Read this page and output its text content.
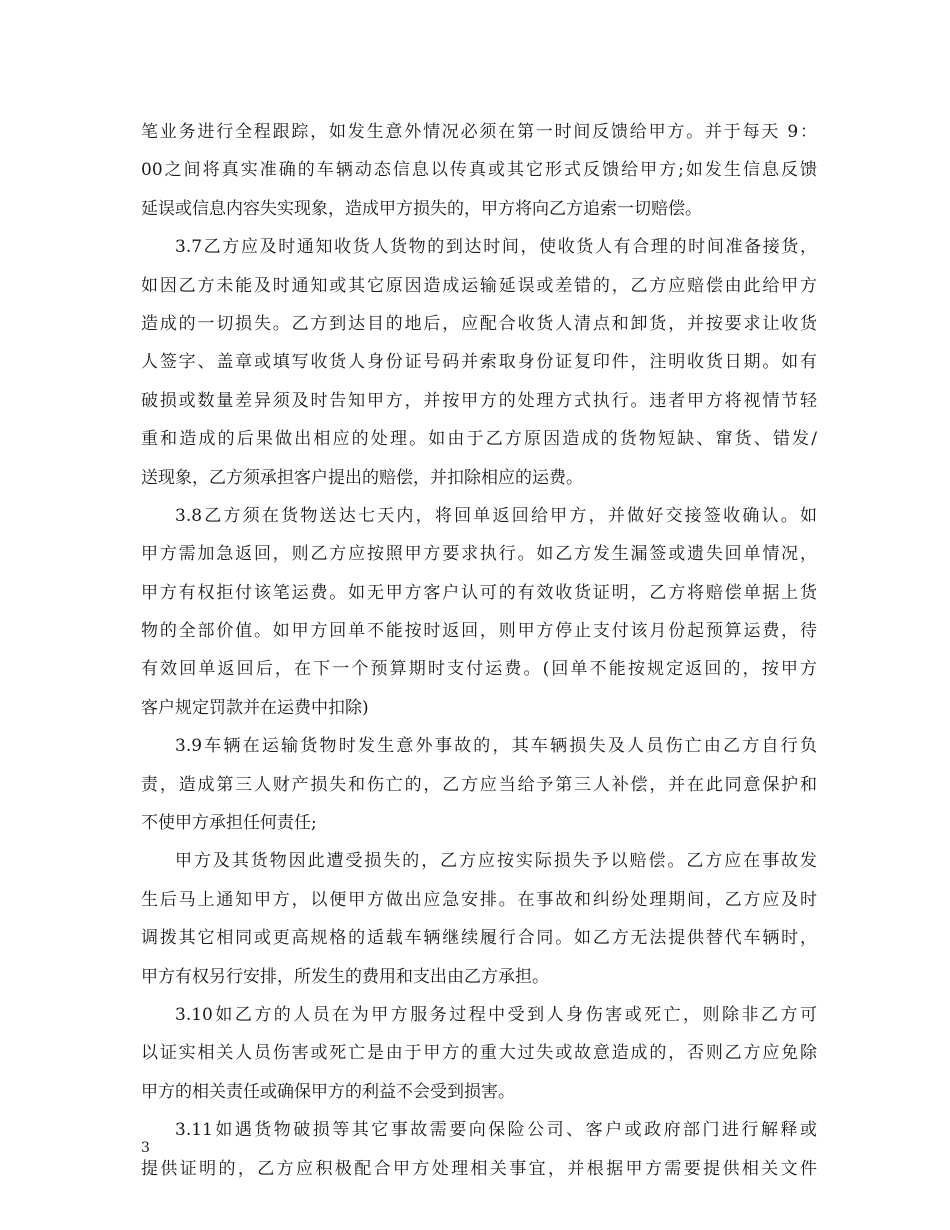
笔业务进行全程跟踪，如发生意外情况必须在第一时间反馈给甲方。并于每天 9：
00之间将真实准确的车辆动态信息以传真或其它形式反馈给甲方;如发生信息反馈
延误或信息内容失实现象，造成甲方损失的，甲方将向乙方追索一切赔偿。
3.7乙方应及时通知收货人货物的到达时间，使收货人有合理的时间准备接货，
如因乙方未能及时通知或其它原因造成运输延误或差错的，乙方应赔偿由此给甲方
造成的一切损失。乙方到达目的地后，应配合收货人清点和卸货，并按要求让收货
人签字、盖章或填写收货人身份证号码并索取身份证复印件，注明收货日期。如有
破损或数量差异须及时告知甲方，并按甲方的处理方式执行。违者甲方将视情节轻
重和造成的后果做出相应的处理。如由于乙方原因造成的货物短缺、窜货、错发/
送现象，乙方须承担客户提出的赔偿，并扣除相应的运费。
3.8乙方须在货物送达七天内，将回单返回给甲方，并做好交接签收确认。如
甲方需加急返回，则乙方应按照甲方要求执行。如乙方发生漏签或遗失回单情况，
甲方有权拒付该笔运费。如无甲方客户认可的有效收货证明，乙方将赔偿单据上货
物的全部价值。如甲方回单不能按时返回，则甲方停止支付该月份起预算运费，待
有效回单返回后，在下一个预算期时支付运费。(回单不能按规定返回的，按甲方
客户规定罚款并在运费中扣除)
3.9车辆在运输货物时发生意外事故的，其车辆损失及人员伤亡由乙方自行负
责，造成第三人财产损失和伤亡的，乙方应当给予第三人补偿，并在此同意保护和
不使甲方承担任何责任;
甲方及其货物因此遭受损失的，乙方应按实际损失予以赔偿。乙方应在事故发
生后马上通知甲方，以便甲方做出应急安排。在事故和纠纷处理期间，乙方应及时
调拨其它相同或更高规格的适载车辆继续履行合同。如乙方无法提供替代车辆时，
甲方有权另行安排，所发生的费用和支出由乙方承担。
3.10如乙方的人员在为甲方服务过程中受到人身伤害或死亡，则除非乙方可
以证实相关人员伤害或死亡是由于甲方的重大过失或故意造成的，否则乙方应免除
甲方的相关责任或确保甲方的利益不会受到损害。
3.11如遇货物破损等其它事故需要向保险公司、客户或政府部门进行解释或
提供证明的，乙方应积极配合甲方处理相关事宜，并根据甲方需要提供相关文件
3
